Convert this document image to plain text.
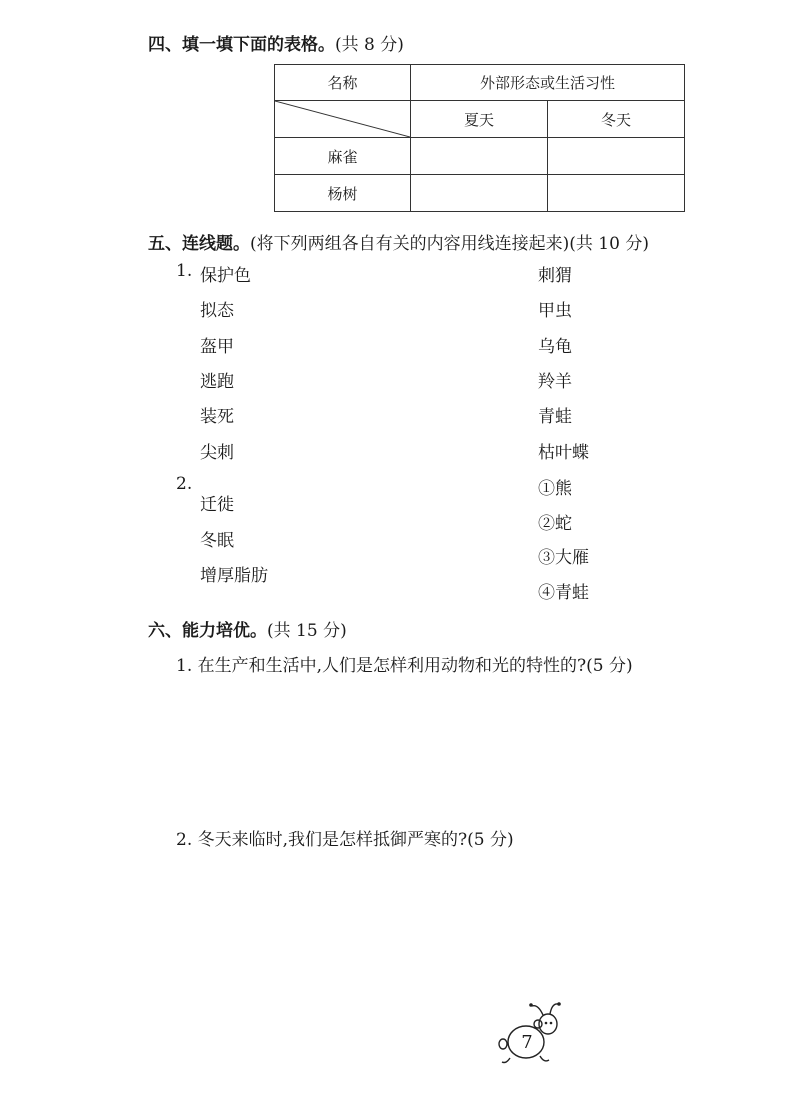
四、填一填下面的表格。(共 8 分)
名称	外部形态或生活习性	

	夏天	冬天
麻雀		
杨树		
五、连线题。(将下列两组各自有关的内容用线连接起来)(共 10 分)
1. 保护色
拟态
盔甲
逃跑
装死
尖刺
刺猬
甲虫
乌龟
羚羊
青蛙
枯叶蝶
2.
迁徙
冬眠
增厚脂肪
①熊
②蛇
③大雁
④青蛙
六、能力培优。(共 15 分)
1. 在生产和生活中,人们是怎样利用动物和光的特性的?(5 分)
2. 冬天来临时,我们是怎样抵御严寒的?(5 分)
7
